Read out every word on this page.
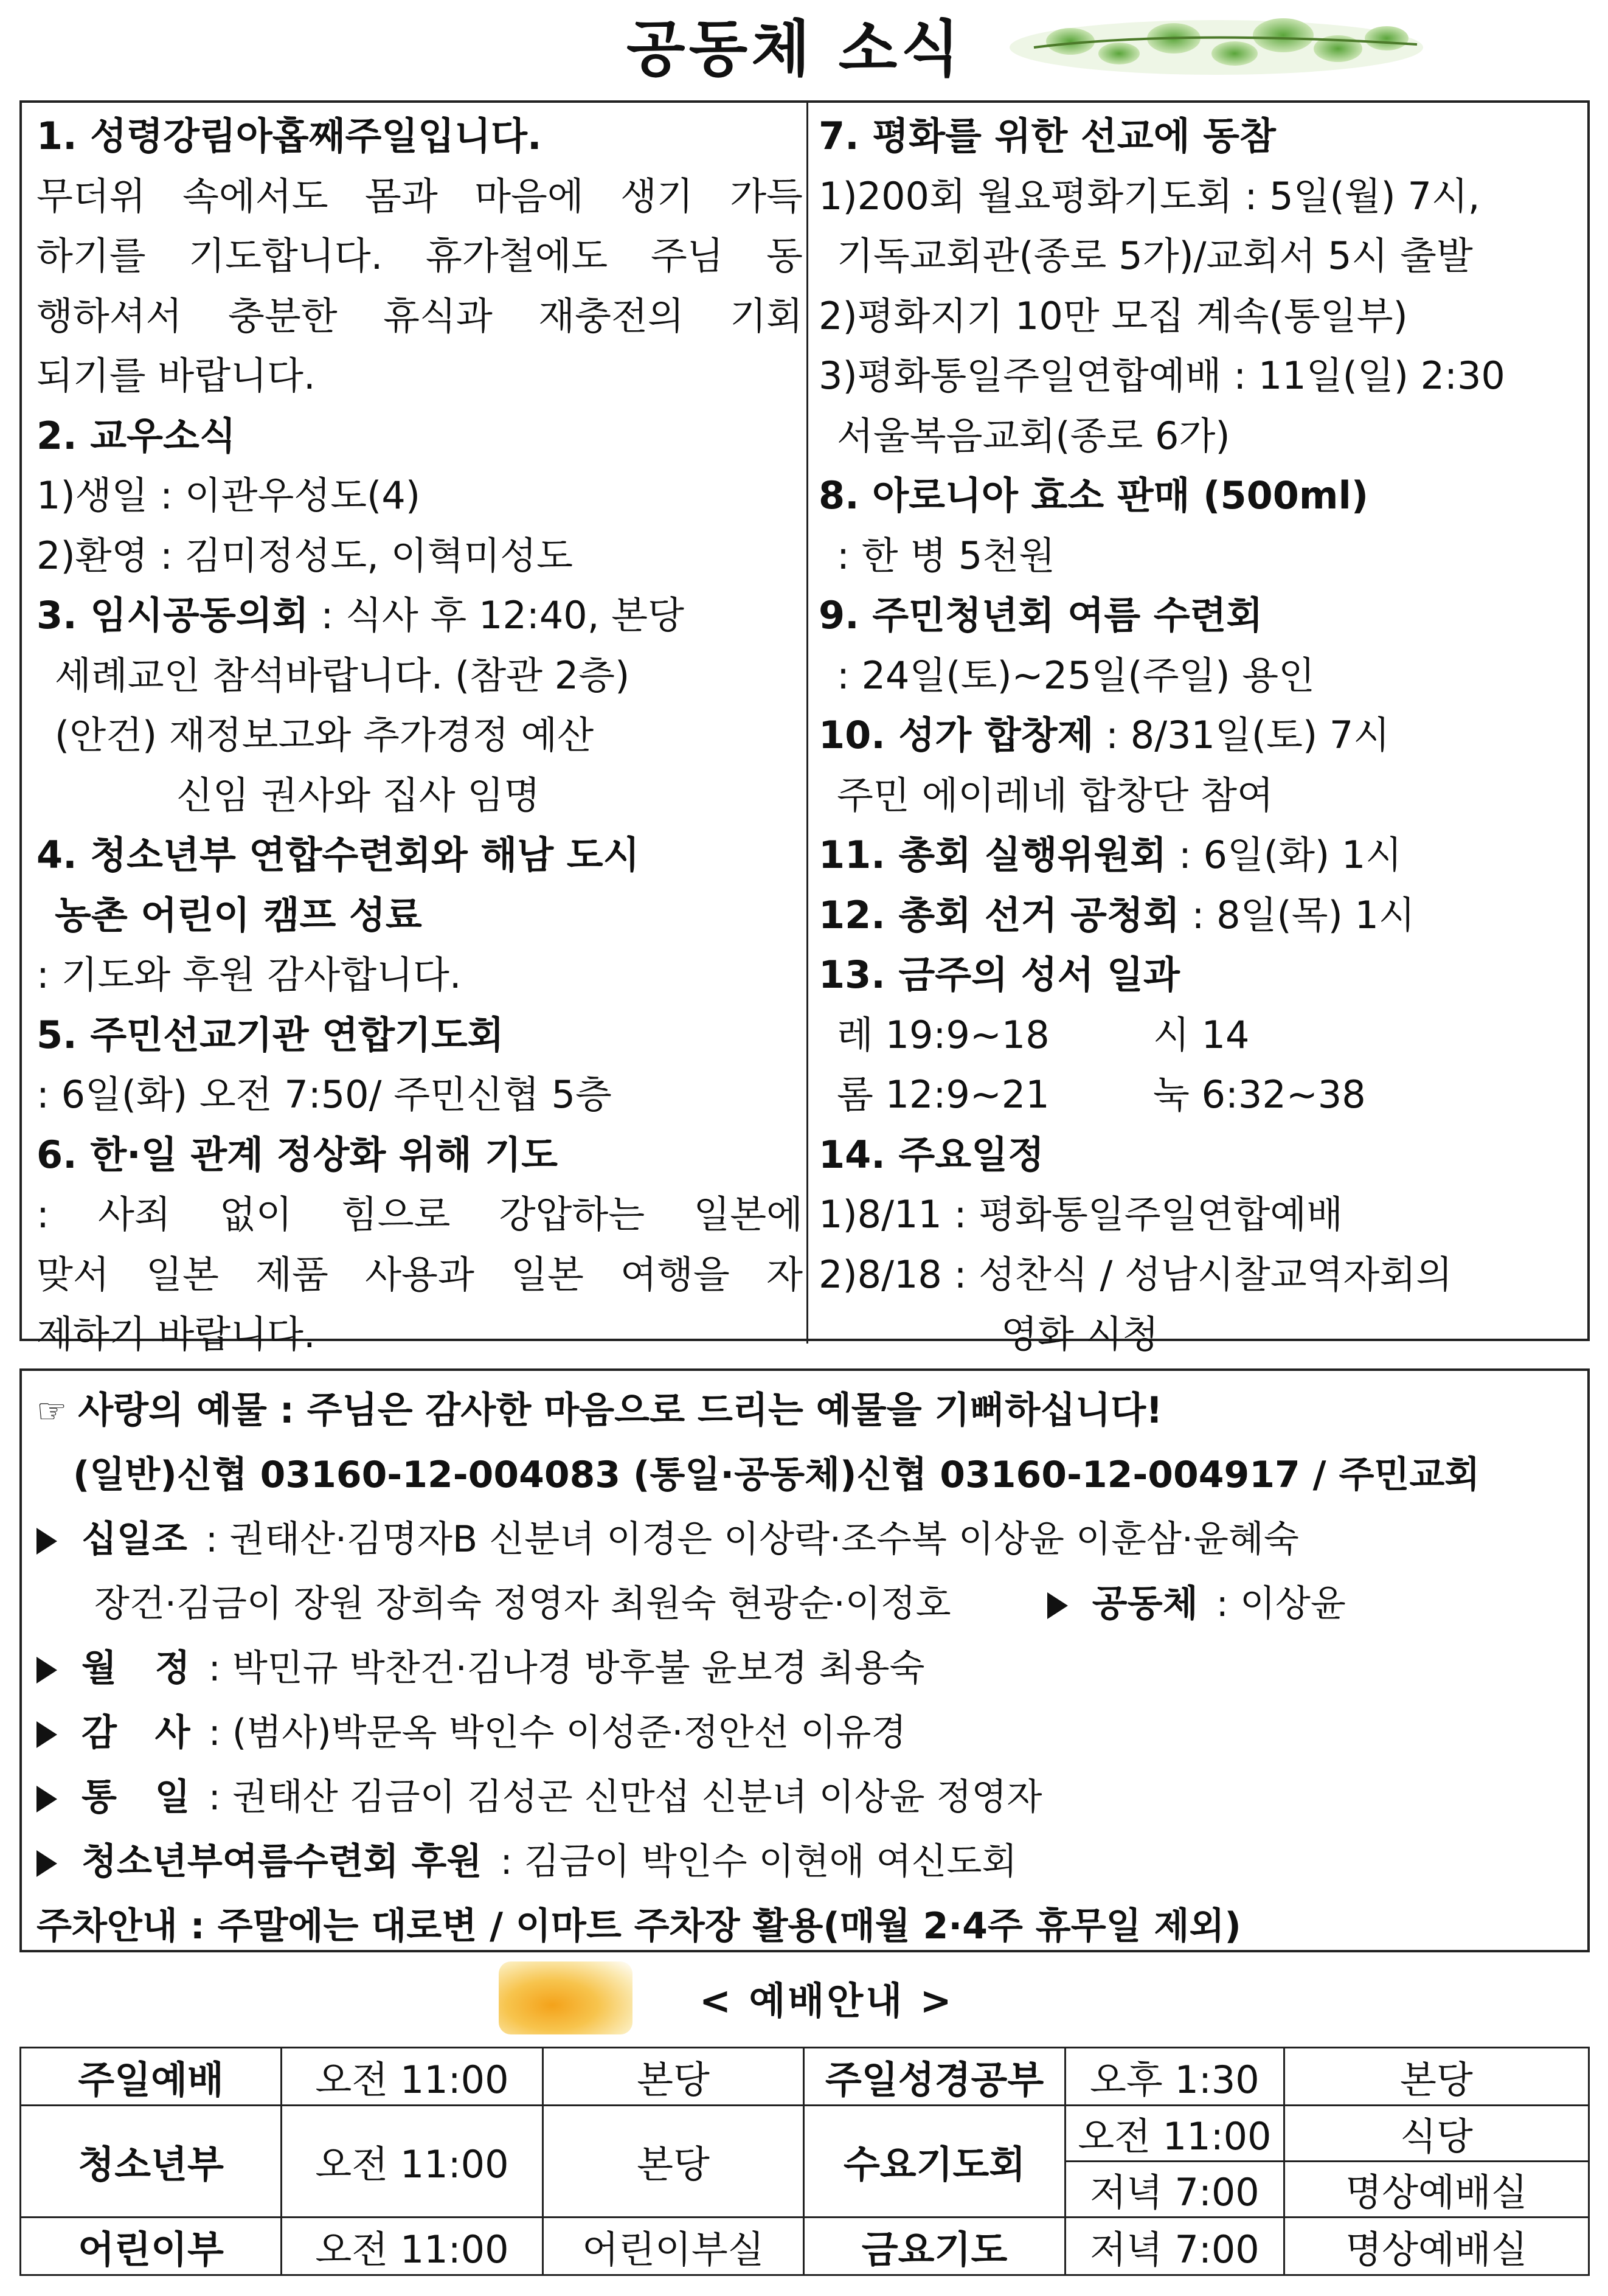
공동체 소식
1. 성령강림아홉째주일입니다.
무더위 속에서도 몸과 마음에 생기 가득
하기를 기도합니다. 휴가철에도 주님 동
행하셔서 충분한 휴식과 재충전의 기회
되기를 바랍니다.
2. 교우소식
1)생일 : 이관우성도(4)
2)환영 : 김미정성도, 이혁미성도
3. 임시공동의회 : 식사 후 12:40, 본당
세례교인 참석바랍니다. (참관 2층)
(안건) 재정보고와 추가경정 예산
신임 권사와 집사 임명
4. 청소년부 연합수련회와 해남 도시
농촌 어린이 캠프 성료
: 기도와 후원 감사합니다.
5. 주민선교기관 연합기도회
: 6일(화) 오전 7:50/ 주민신협 5층
6. 한·일 관계 정상화 위해 기도
: 사죄 없이 힘으로 강압하는 일본에
맞서 일본 제품 사용과 일본 여행을 자
제하기 바랍니다.
7. 평화를 위한 선교에 동참
1)200회 월요평화기도회 : 5일(월) 7시,
기독교회관(종로 5가)/교회서 5시 출발
2)평화지기 10만 모집 계속(통일부)
3)평화통일주일연합예배 : 11일(일) 2:30
서울복음교회(종로 6가)
8. 아로니아 효소 판매 (500ml)
: 한 병 5천원
9. 주민청년회 여름 수련회
: 24일(토)~25일(주일) 용인
10. 성가 합창제 : 8/31일(토) 7시
주민 에이레네 합창단 참여
11. 총회 실행위원회 : 6일(화) 1시
12. 총회 선거 공청회 : 8일(목) 1시
13. 금주의 성서 일과
레 19:9~18	시 14
롬 12:9~21	눅 6:32~38
14. 주요일정
1)8/11 : 평화통일주일연합예배
2)8/18 : 성찬식 / 성남시찰교역자회의
영화 시청
☞ 사랑의 예물 : 주님은 감사한 마음으로 드리는 예물을 기뻐하십니다!
(일반)신협 03160-12-004083 (통일·공동체)신협 03160-12-004917 / 주민교회
십일조 : 권태산·김명자B 신분녀 이경은 이상락·조수복 이상윤 이훈삼·윤혜숙
장건·김금이 장원 장희숙 정영자 최원숙 현광순·이정호	공동체 : 이상윤
월   정 : 박민규 박찬건·김나경 방후불 윤보경 최용숙
감   사 : (범사)박문옥 박인수 이성준·정안선 이유경
통   일 : 권태산 김금이 김성곤 신만섭 신분녀 이상윤 정영자
청소년부여름수련회 후원 : 김금이 박인수 이현애 여신도회
주차안내 : 주말에는 대로변 / 이마트 주차장 활용(매월 2·4주 휴무일 제외)
< 예배안내 >
주일예배	오전 11:00	본당	주일성경공부	오후 1:30	본당
청소년부	오전 11:00	본당	수요기도회	오전 11:00	식당
				저녁 7:00	명상예배실
어린이부	오전 11:00	어린이부실	금요기도	저녁 7:00	명상예배실
